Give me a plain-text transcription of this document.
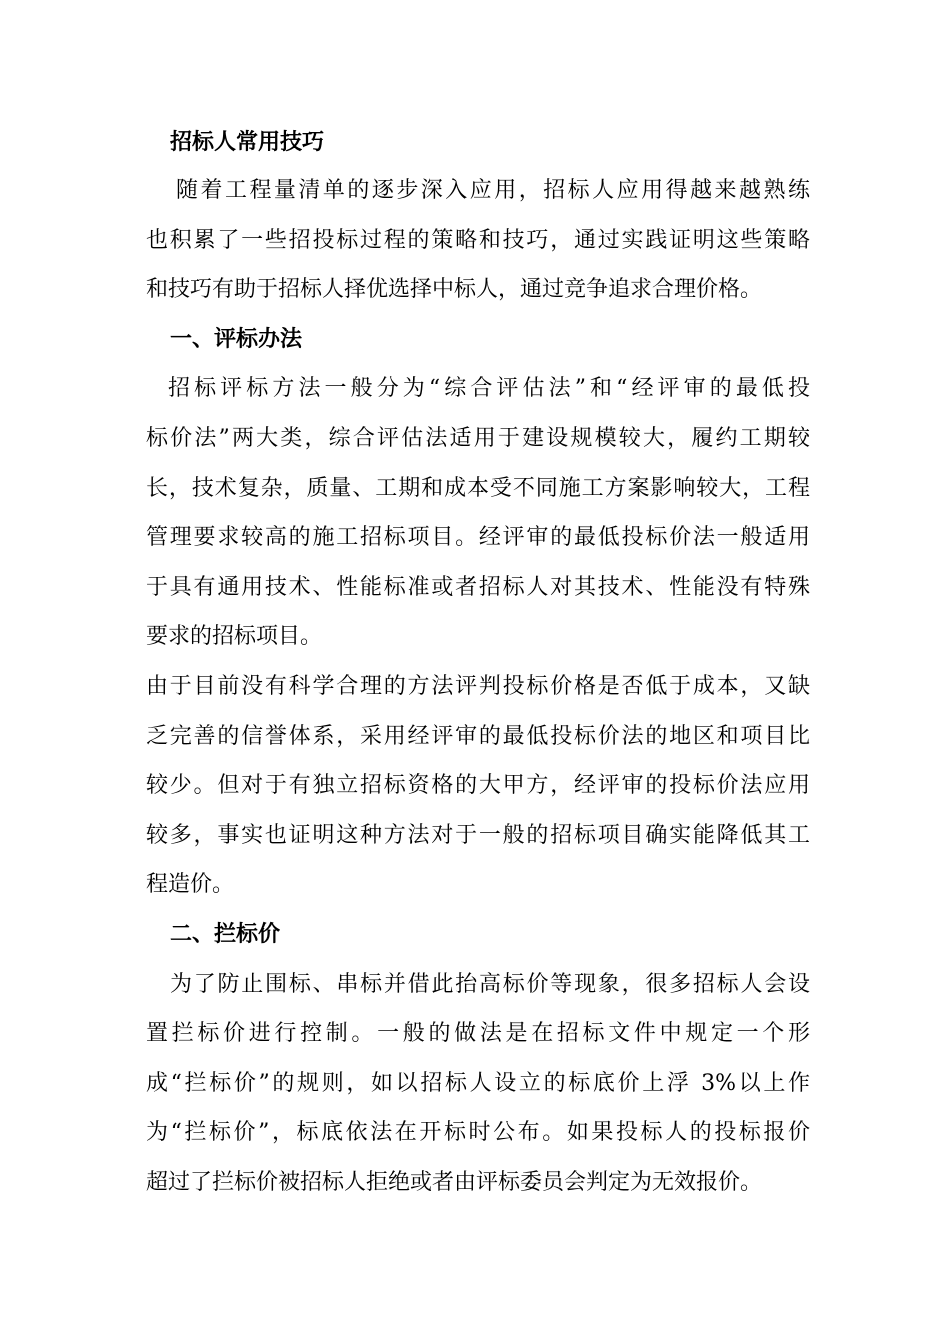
招标人常用技巧
随着工程量清单的逐步深入应用，招标人应用得越来越熟练
也积累了一些招投标过程的策略和技巧，通过实践证明这些策略
和技巧有助于招标人择优选择中标人，通过竞争追求合理价格。
一、评标办法
招标评标方法一般分为“综合评估法”和“经评审的最低投
标价法”两大类，综合评估法适用于建设规模较大，履约工期较
长，技术复杂，质量、工期和成本受不同施工方案影响较大，工程
管理要求较高的施工招标项目。经评审的最低投标价法一般适用
于具有通用技术、性能标准或者招标人对其技术、性能没有特殊
要求的招标项目。
由于目前没有科学合理的方法评判投标价格是否低于成本，又缺
乏完善的信誉体系，采用经评审的最低投标价法的地区和项目比
较少。但对于有独立招标资格的大甲方，经评审的投标价法应用
较多，事实也证明这种方法对于一般的招标项目确实能降低其工
程造价。
二、拦标价
为了防止围标、串标并借此抬高标价等现象，很多招标人会设
置拦标价进行控制。一般的做法是在招标文件中规定一个形
成“拦标价”的规则，如以招标人设立的标底价上浮 3%以上作
为“拦标价”，标底依法在开标时公布。如果投标人的投标报价
超过了拦标价被招标人拒绝或者由评标委员会判定为无效报价。
